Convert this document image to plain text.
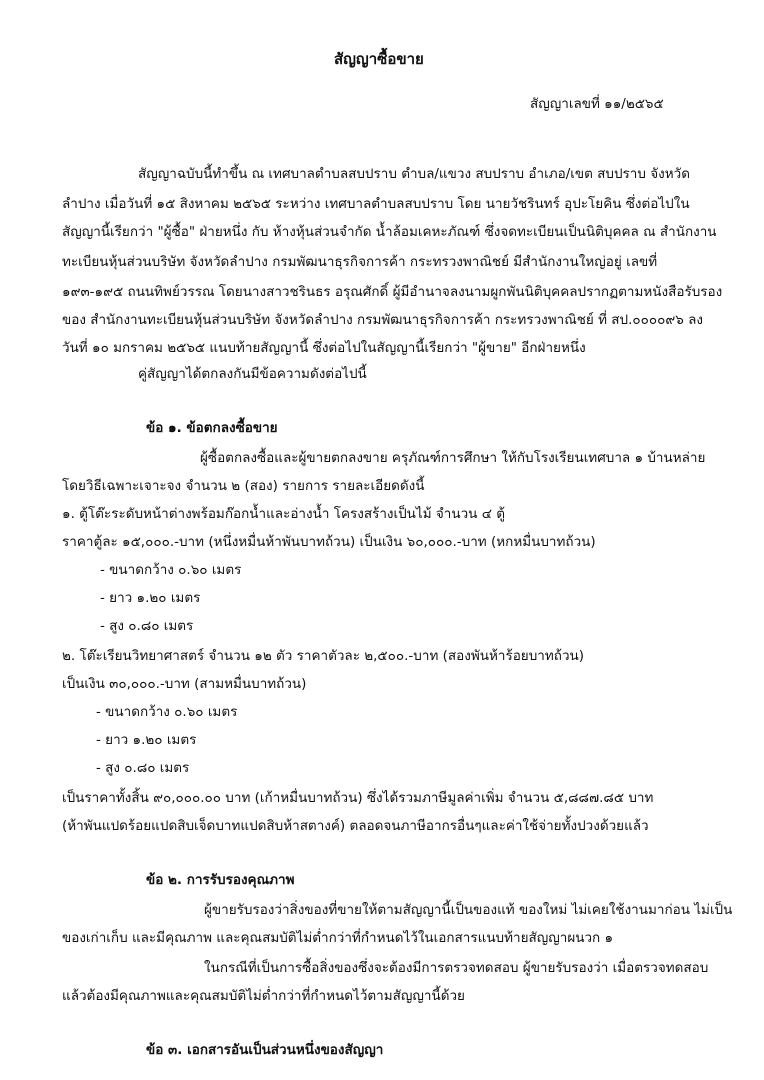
สัญญาซื้อขาย
สัญญาเลขที่ ๑๑/๒๕๖๕
สัญญาฉบับนี้ทำขึ้น ณ เทศบาลตำบลสบปราบ ตำบล/แขวง สบปราบ อำเภอ/เขต สบปราบ จังหวัด
ลำปาง เมื่อวันที่ ๑๕ สิงหาคม ๒๕๖๕ ระหว่าง เทศบาลตำบลสบปราบ โดย นายวัชรินทร์ อุปะโยคิน ซึ่งต่อไปใน
สัญญานี้เรียกว่า "ผู้ซื้อ" ฝ่ายหนึ่ง กับ ห้างหุ้นส่วนจำกัด น้ำล้อมเคหะภัณฑ์ ซึ่งจดทะเบียนเป็นนิติบุคคล ณ สำนักงาน
ทะเบียนหุ้นส่วนบริษัท จังหวัดลำปาง กรมพัฒนาธุรกิจการค้า กระทรวงพาณิชย์ มีสำนักงานใหญ่อยู่ เลขที่
๑๙๓-๑๙๕ ถนนทิพย์วรรณ โดยนางสาวชรินธร อรุณศักดิ์ ผู้มีอำนาจลงนามผูกพันนิติบุคคลปรากฏตามหนังสือรับรอง
ของ สำนักงานทะเบียนหุ้นส่วนบริษัท จังหวัดลำปาง กรมพัฒนาธุรกิจการค้า กระทรวงพาณิชย์ ที่ สป.๐๐๐๐๙๖ ลง
วันที่ ๑๐ มกราคม ๒๕๖๕ แนบท้ายสัญญานี้ ซึ่งต่อไปในสัญญานี้เรียกว่า "ผู้ขาย" อีกฝ่ายหนึ่ง
คู่สัญญาได้ตกลงกันมีข้อความดังต่อไปนี้
ข้อ ๑. ข้อตกลงซื้อขาย
ผู้ซื้อตกลงซื้อและผู้ขายตกลงขาย ครุภัณฑ์การศึกษา ให้กับโรงเรียนเทศบาล ๑ บ้านหล่าย
โดยวิธีเฉพาะเจาะจง จำนวน ๒ (สอง) รายการ รายละเอียดดังนี้
๑. ตู้โต๊ะระดับหน้าต่างพร้อมก๊อกน้ำและอ่างน้ำ โครงสร้างเป็นไม้ จำนวน ๔ ตู้
ราคาตู้ละ ๑๕,๐๐๐.-บาท (หนึ่งหมื่นห้าพันบาทถ้วน) เป็นเงิน ๖๐,๐๐๐.-บาท (หกหมื่นบาทถ้วน)
- ขนาดกว้าง ๐.๖๐ เมตร
- ยาว ๑.๒๐ เมตร
- สูง ๐.๘๐ เมตร
๒. โต๊ะเรียนวิทยาศาสตร์ จำนวน ๑๒ ตัว ราคาตัวละ ๒,๕๐๐.-บาท (สองพันห้าร้อยบาทถ้วน)
เป็นเงิน ๓๐,๐๐๐.-บาท (สามหมื่นบาทถ้วน)
- ขนาดกว้าง ๐.๖๐ เมตร
- ยาว ๑.๒๐ เมตร
- สูง ๐.๘๐ เมตร
เป็นราคาทั้งสิ้น ๙๐,๐๐๐.๐๐ บาท (เก้าหมื่นบาทถ้วน) ซึ่งได้รวมภาษีมูลค่าเพิ่ม จำนวน ๕,๘๘๗.๘๕ บาท
(ห้าพันแปดร้อยแปดสิบเจ็ดบาทแปดสิบห้าสตางค์) ตลอดจนภาษีอากรอื่นๆและค่าใช้จ่ายทั้งปวงด้วยแล้ว
ข้อ ๒. การรับรองคุณภาพ
ผู้ขายรับรองว่าสิ่งของที่ขายให้ตามสัญญานี้เป็นของแท้ ของใหม่ ไม่เคยใช้งานมาก่อน ไม่เป็น
ของเก่าเก็บ และมีคุณภาพ และคุณสมบัติไม่ต่ำกว่าที่กำหนดไว้ในเอกสารแนบท้ายสัญญาผนวก ๑
ในกรณีที่เป็นการซื้อสิ่งของซึ่งจะต้องมีการตรวจทดสอบ ผู้ขายรับรองว่า เมื่อตรวจทดสอบ
แล้วต้องมีคุณภาพและคุณสมบัติไม่ต่ำกว่าที่กำหนดไว้ตามสัญญานี้ด้วย
ข้อ ๓. เอกสารอันเป็นส่วนหนึ่งของสัญญา
